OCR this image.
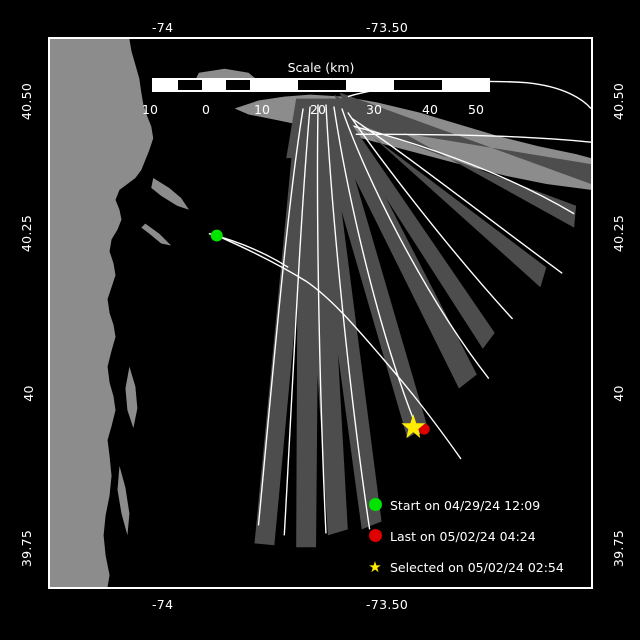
-74	-73.50
-74	-73.50
40.50
40.25
40
39.75
40.50
40.25
40
39.75
Scale (km)
10	0	10	20	30	40	50
Start on 04/29/24 12:09
Last on 05/02/24 04:24
★ Selected on 05/02/24 02:54
